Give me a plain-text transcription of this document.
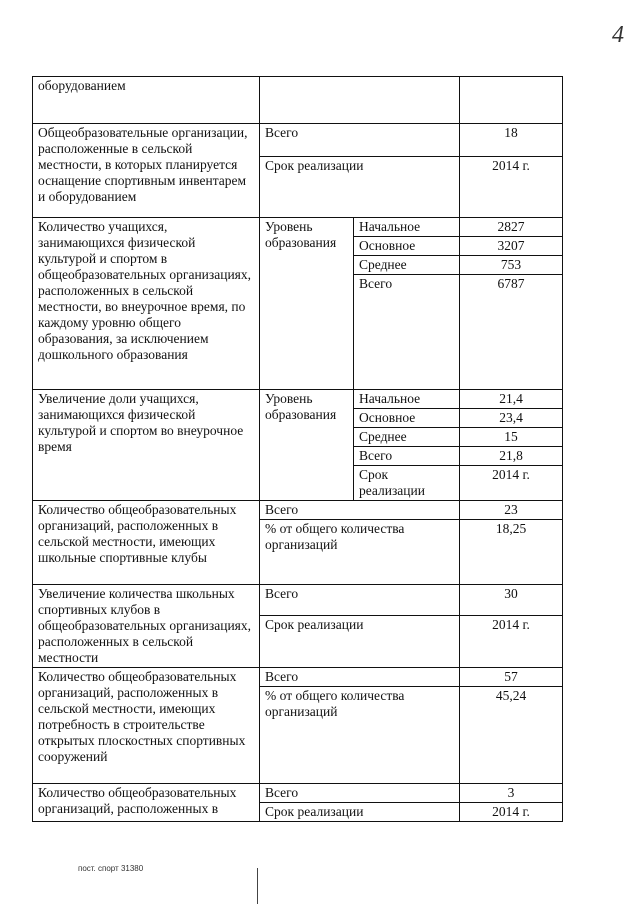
4
оборудованием			
Общеобразовательные организации, расположенные в сельской местности, в которых планируется оснащение спортивным инвентарем и оборудованием	Всего		18
	Срок реализации		2014 г.
Количество учащихся, занимающихся физической культурой и спортом в общеобразовательных организациях, расположенных в сельской местности, во внеурочное время, по каждому уровню общего образования, за исключением дошкольного образования	Уровень образования	Начальное	2827
		Основное	3207
		Среднее	753
		Всего	6787
Увеличение доли учащихся, занимающихся физической культурой и спортом во внеурочное время	Уровень образования	Начальное	21,4
		Основное	23,4
		Среднее	15
		Всего	21,8
		Срок реализации	2014 г.
Количество общеобразовательных организаций, расположенных в сельской местности, имеющих школьные спортивные клубы	Всего		23
	% от общего количества организаций		18,25
Увеличение количества школьных спортивных клубов в общеобразовательных организациях, расположенных в сельской местности	Всего		30
	Срок реализации		2014 г.
Количество общеобразовательных организаций, расположенных в сельской местности, имеющих потребность в строительстве открытых плоскостных спортивных сооружений	Всего		57
	% от общего количества организаций		45,24
Количество общеобразовательных организаций, расположенных в	Всего		3
	Срок реализации		2014 г.
пост. спорт 31380
